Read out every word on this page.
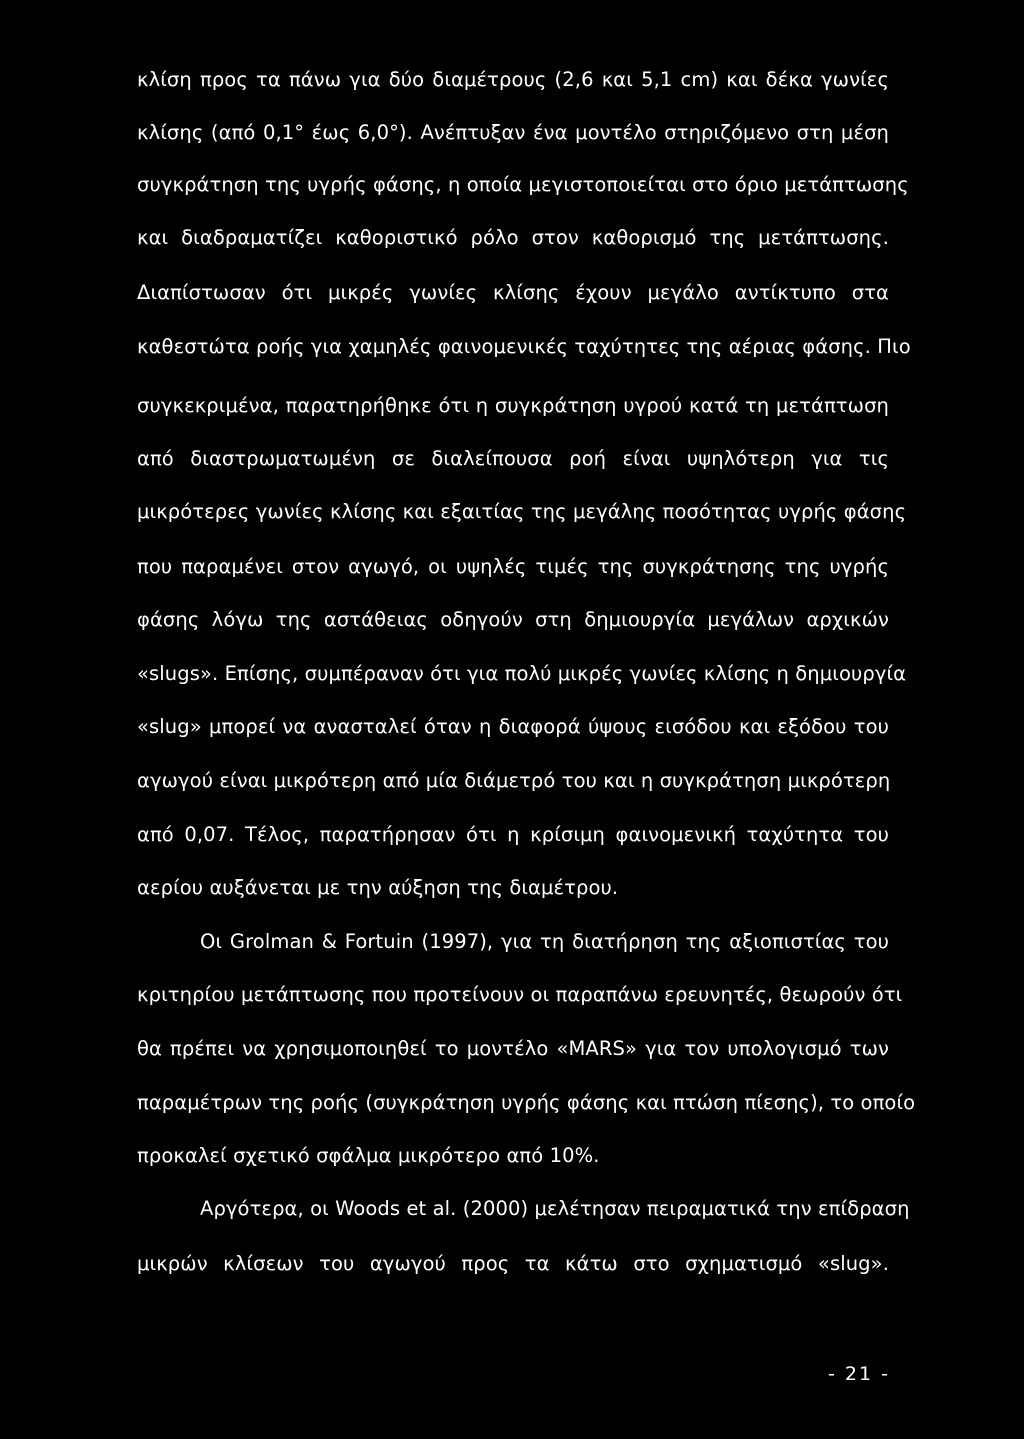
κλίση προς τα πάνω για δύο διαμέτρους (2,6 και 5,1 cm) και δέκα γωνίες
κλίσης (από 0,1° έως 6,0°). Ανέπτυξαν ένα μοντέλο στηριζόμενο στη μέση
συγκράτηση της υγρής φάσης, η οποία μεγιστοποιείται στο όριο μετάπτωσης
και διαδραματίζει καθοριστικό ρόλο στον καθορισμό της μετάπτωσης.
Διαπίστωσαν ότι μικρές γωνίες κλίσης έχουν μεγάλο αντίκτυπο στα
καθεστώτα ροής για χαμηλές φαινομενικές ταχύτητες της αέριας φάσης. Πιο
συγκεκριμένα, παρατηρήθηκε ότι η συγκράτηση υγρού κατά τη μετάπτωση
από διαστρωματωμένη σε διαλείπουσα ροή είναι υψηλότερη για τις
μικρότερες γωνίες κλίσης και εξαιτίας της μεγάλης ποσότητας υγρής φάσης
που παραμένει στον αγωγό, οι υψηλές τιμές της συγκράτησης της υγρής
φάσης λόγω της αστάθειας οδηγούν στη δημιουργία μεγάλων αρχικών
«slugs». Επίσης, συμπέραναν ότι για πολύ μικρές γωνίες κλίσης η δημιουργία
«slug» μπορεί να ανασταλεί όταν η διαφορά ύψους εισόδου και εξόδου του
αγωγού είναι μικρότερη από μία διάμετρό του και η συγκράτηση μικρότερη
από 0,07. Τέλος, παρατήρησαν ότι η κρίσιμη φαινομενική ταχύτητα του
αερίου αυξάνεται με την αύξηση της διαμέτρου.
Οι Grolman & Fortuin (1997), για τη διατήρηση της αξιοπιστίας του
κριτηρίου μετάπτωσης που προτείνουν οι παραπάνω ερευνητές, θεωρούν ότι
θα πρέπει να χρησιμοποιηθεί το μοντέλο «MARS» για τον υπολογισμό των
παραμέτρων της ροής (συγκράτηση υγρής φάσης και πτώση πίεσης), το οποίο
προκαλεί σχετικό σφάλμα μικρότερο από 10%.
Αργότερα, οι Woods et al. (2000) μελέτησαν πειραματικά την επίδραση
μικρών κλίσεων του αγωγού προς τα κάτω στο σχηματισμό «slug».
- 21 -
